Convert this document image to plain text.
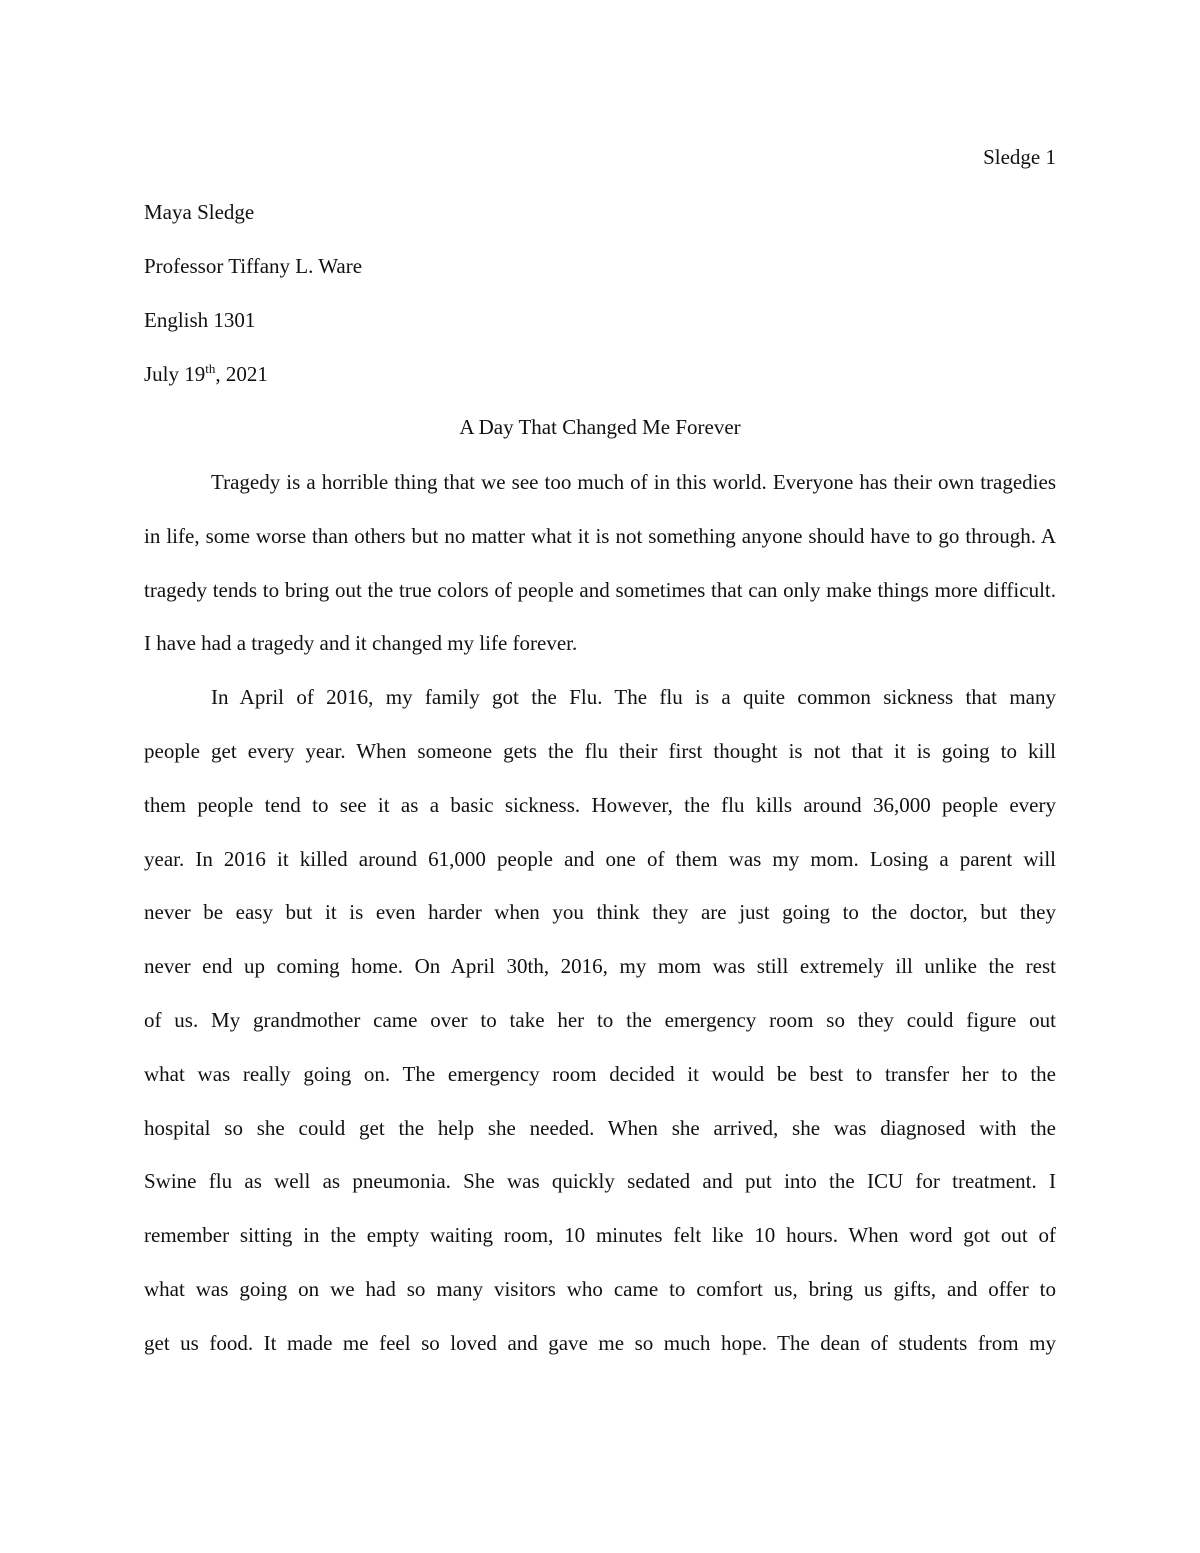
Sledge 1
Maya Sledge
Professor Tiffany L. Ware
English 1301
July 19th, 2021
A Day That Changed Me Forever
Tragedy is a horrible thing that we see too much of in this world. Everyone has their own tragedies
in life, some worse than others but no matter what it is not something anyone should have to go through. A
tragedy tends to bring out the true colors of people and sometimes that can only make things more difficult.
I have had a tragedy and it changed my life forever.
In April of 2016, my family got the Flu. The flu is a quite common sickness that many
people get every year. When someone gets the flu their first thought is not that it is going to kill
them people tend to see it as a basic sickness. However, the flu kills around 36,000 people every
year. In 2016 it killed around 61,000 people and one of them was my mom. Losing a parent will
never be easy but it is even harder when you think they are just going to the doctor, but they
never end up coming home. On April 30th, 2016, my mom was still extremely ill unlike the rest
of us. My grandmother came over to take her to the emergency room so they could figure out
what was really going on. The emergency room decided it would be best to transfer her to the
hospital so she could get the help she needed. When she arrived, she was diagnosed with the
Swine flu as well as pneumonia. She was quickly sedated and put into the ICU for treatment. I
remember sitting in the empty waiting room, 10 minutes felt like 10 hours. When word got out of
what was going on we had so many visitors who came to comfort us, bring us gifts, and offer to
get us food. It made me feel so loved and gave me so much hope. The dean of students from my
